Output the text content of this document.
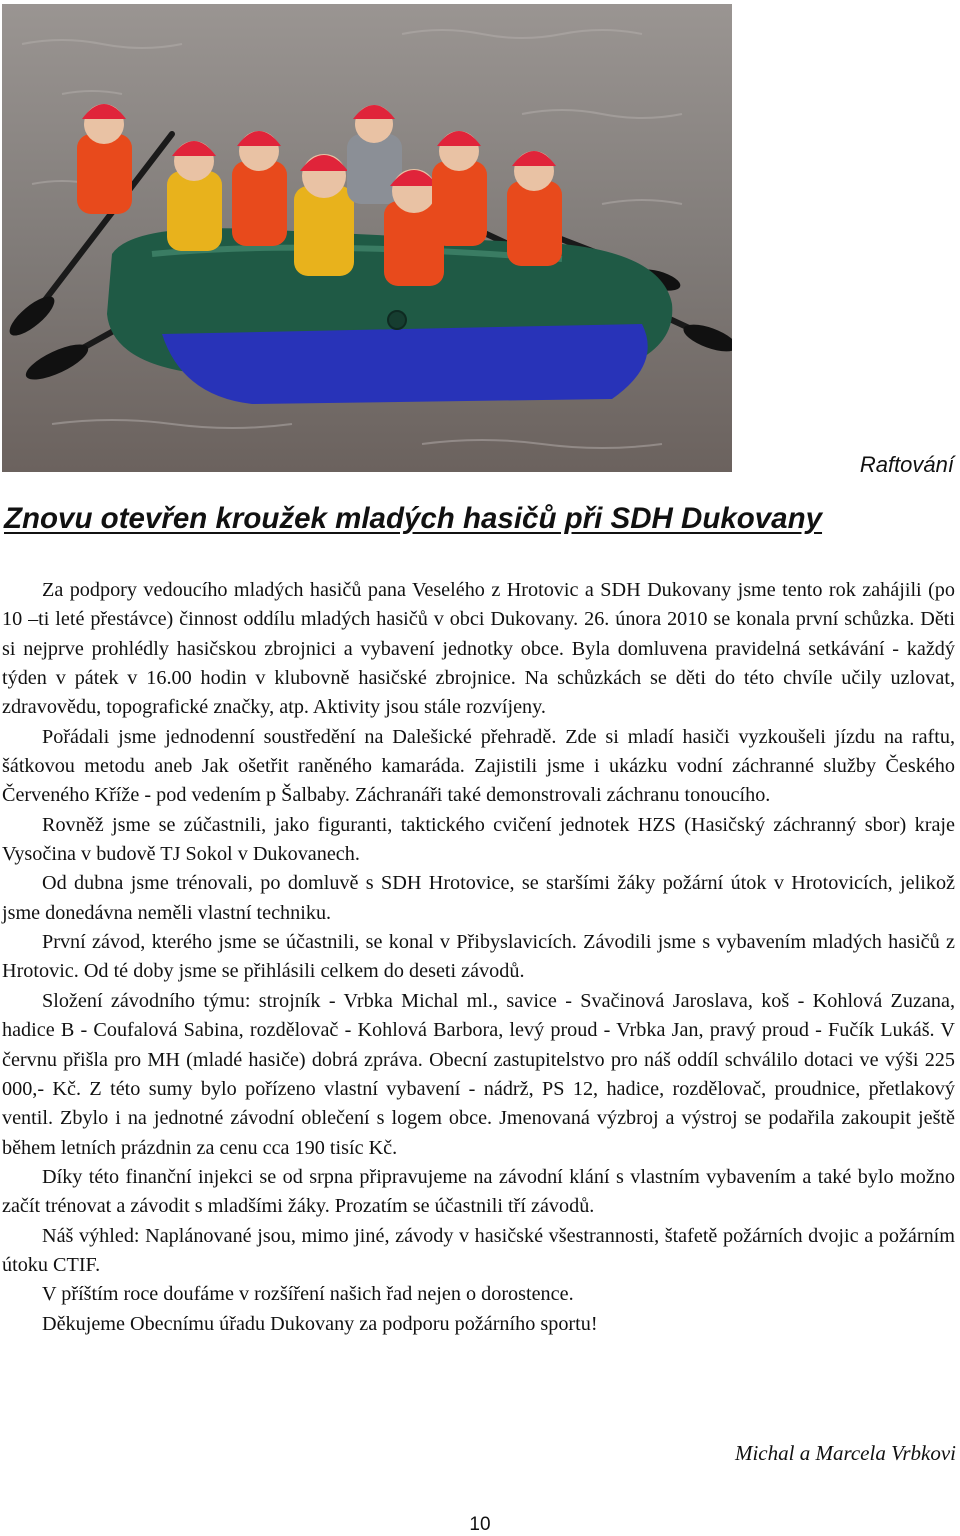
Raftování
Znovu otevřen kroužek mladých hasičů při SDH Dukovany

Za podpory vedoucího mladých hasičů pana Veselého z Hrotovic a SDH Dukovany jsme tento rok zahájili (po 10 –ti leté přestávce) činnost oddílu mladých hasičů v obci Dukovany. 26. února 2010 se konala první schůzka. Děti si nejprve prohlédly hasičskou zbrojnici a vybavení jednotky obce. Byla domluvena pravidelná setkávání - každý týden v pátek v 16.00 hodin v klubovně hasičské zbrojnice. Na schůzkách se děti do této chvíle učily uzlovat, zdravovědu, topografické značky, atp. Aktivity jsou stále rozvíjeny.

Pořádali jsme jednodenní soustředění na Dalešické přehradě. Zde si mladí hasiči vyzkoušeli jízdu na raftu, šátkovou metodu aneb Jak ošetřit raněného kamaráda. Zajistili jsme i ukázku vodní záchranné služby Českého Červeného Kříže - pod vedením p Šalbaby. Záchranáři také demonstrovali záchranu tonoucího.

Rovněž jsme se zúčastnili, jako figuranti, taktického cvičení jednotek HZS (Hasičský záchranný sbor) kraje Vysočina v budově TJ Sokol v Dukovanech.

Od dubna jsme trénovali, po domluvě s SDH Hrotovice, se staršími žáky požární útok v Hrotovicích, jelikož jsme donedávna neměli vlastní techniku.

První závod, kterého jsme se účastnili, se konal v Přibyslavicích. Závodili jsme s vybavením mladých hasičů z Hrotovic. Od té doby jsme se přihlásili celkem do deseti závodů.

Složení závodního týmu: strojník - Vrbka Michal ml., savice - Svačinová Jaroslava, koš - Kohlová Zuzana, hadice B - Coufalová Sabina, rozdělovač - Kohlová Barbora, levý proud - Vrbka Jan, pravý proud - Fučík Lukáš. V červnu přišla pro MH (mladé hasiče) dobrá zpráva. Obecní zastupitelstvo pro náš oddíl schválilo dotaci ve výši 225 000,- Kč. Z této sumy bylo pořízeno vlastní vybavení - nádrž, PS 12, hadice, rozdělovač, proudnice, přetlakový ventil. Zbylo i na jednotné závodní oblečení s logem obce. Jmenovaná výzbroj a výstroj se podařila zakoupit ještě během letních prázdnin za cenu cca 190 tisíc Kč.

Díky této finanční injekci se od srpna připravujeme na závodní klání s vlastním vybavením a také bylo možno začít trénovat a závodit s mladšími žáky. Prozatím se účastnili tří závodů.

Náš výhled: Naplánované jsou, mimo jiné, závody v hasičské všestrannosti, štafetě požárních dvojic a požárním útoku CTIF.

V příštím roce doufáme v rozšíření našich řad nejen o dorostence.

Děkujeme Obecnímu úřadu Dukovany za podporu požárního sportu!

Michal a Marcela Vrbkovi
10
